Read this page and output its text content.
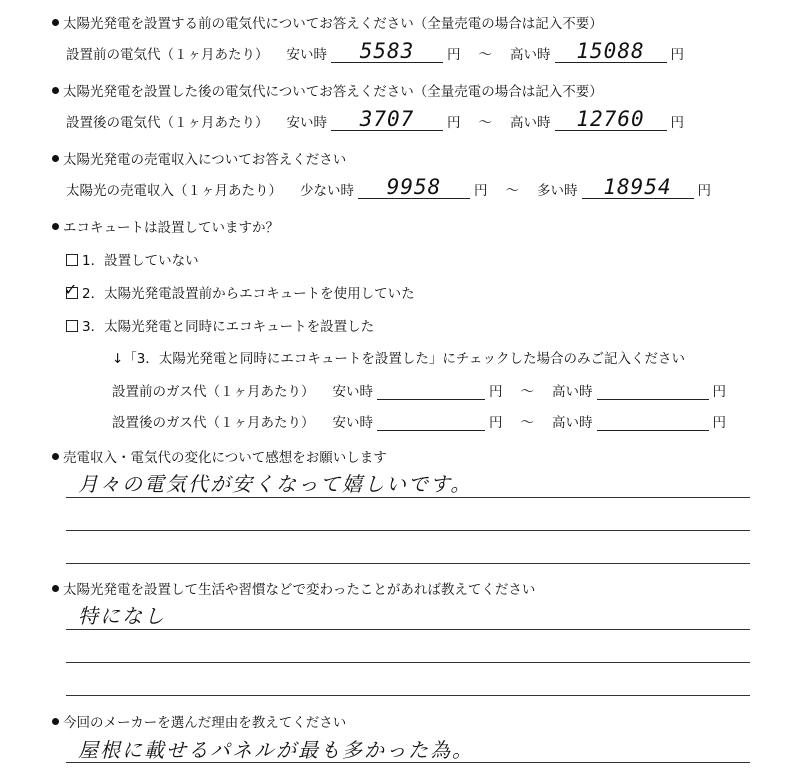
太陽光発電を設置する前の電気代についてお答えください（全量売電の場合は記入不要）
設置前の電気代（１ヶ月あたり） 安い時	5583	円 ～ 高い時	15088	円
太陽光発電を設置した後の電気代についてお答えください（全量売電の場合は記入不要）
設置後の電気代（１ヶ月あたり） 安い時	3707	円 ～ 高い時	12760	円
太陽光発電の売電収入についてお答えください
太陽光の売電収入（１ヶ月あたり） 少ない時	9958	円 ～ 多い時	18954	円
エコキュートは設置していますか？
1．設置していない
✓ 2．太陽光発電設置前からエコキュートを使用していた
3．太陽光発電と同時にエコキュートを設置した
↓「3．太陽光発電と同時にエコキュートを設置した」にチェックした場合のみご記入ください
設置前のガス代（１ヶ月あたり） 安い時	円 ～ 高い時	円
設置後のガス代（１ヶ月あたり） 安い時	円 ～ 高い時	円
売電収入・電気代の変化について感想をお願いします
月々の電気代が安くなって嬉しいです。
太陽光発電を設置して生活や習慣などで変わったことがあれば教えてください
特になし
今回のメーカーを選んだ理由を教えてください
屋根に載せるパネルが最も多かった為。
